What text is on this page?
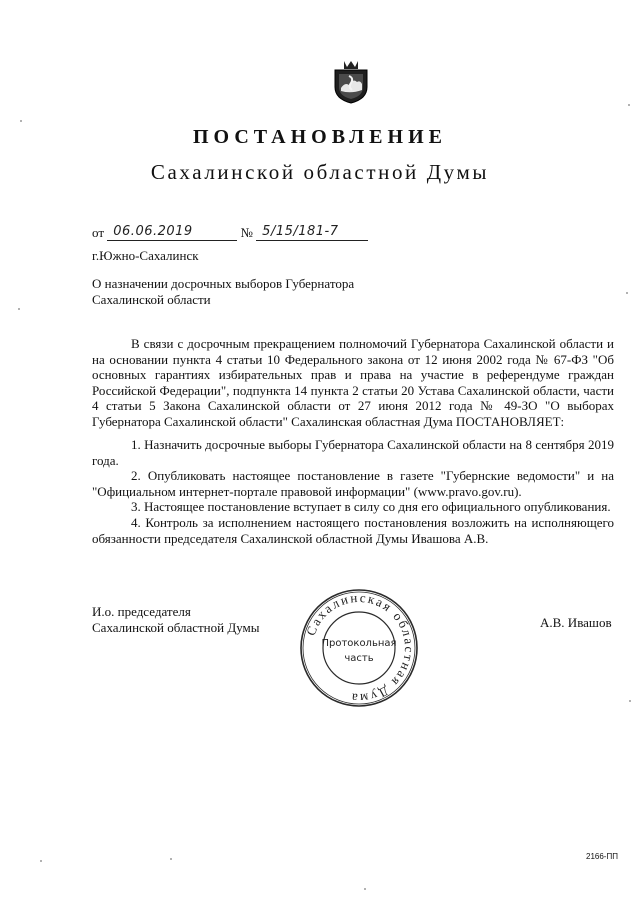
ПОСТАНОВЛЕНИЕ
Сахалинской областной Думы
от 06.06.2019	№ 5/15/181-7
г.Южно-Сахалинск
О назначении досрочных выборов Губернатора
Сахалинской области
В связи с досрочным прекращением полномочий Губернатора Сахалинской области и на основании пункта 4 статьи 10 Федерального закона от 12 июня 2002 года № 67-ФЗ "Об основных гарантиях избирательных прав и права на участие в референдуме граждан Российской Федерации", подпункта 14 пункта 2 статьи 20 Устава Сахалинской области, части 4 статьи 5 Закона Сахалинской области от 27 июня 2012 года № 49-ЗО "О выборах Губернатора Сахалинской области" Сахалинская областная Дума ПОСТАНОВЛЯЕТ:
1. Назначить досрочные выборы Губернатора Сахалинской области на 8 сентября 2019 года.
2. Опубликовать настоящее постановление в газете "Губернские ведомости" и на "Официальном интернет-портале правовой информации" (www.pravo.gov.ru).
3. Настоящее постановление вступает в силу со дня его официального опубликования.
4. Контроль за исполнением настоящего постановления возложить на исполняющего обязанности председателя Сахалинской областной Думы Ивашова А.В.
И.о. председателя
Сахалинской областной Думы	А.В. Ивашов
Сахалинская областная Дума
Протокольная
часть
2166-ПП
